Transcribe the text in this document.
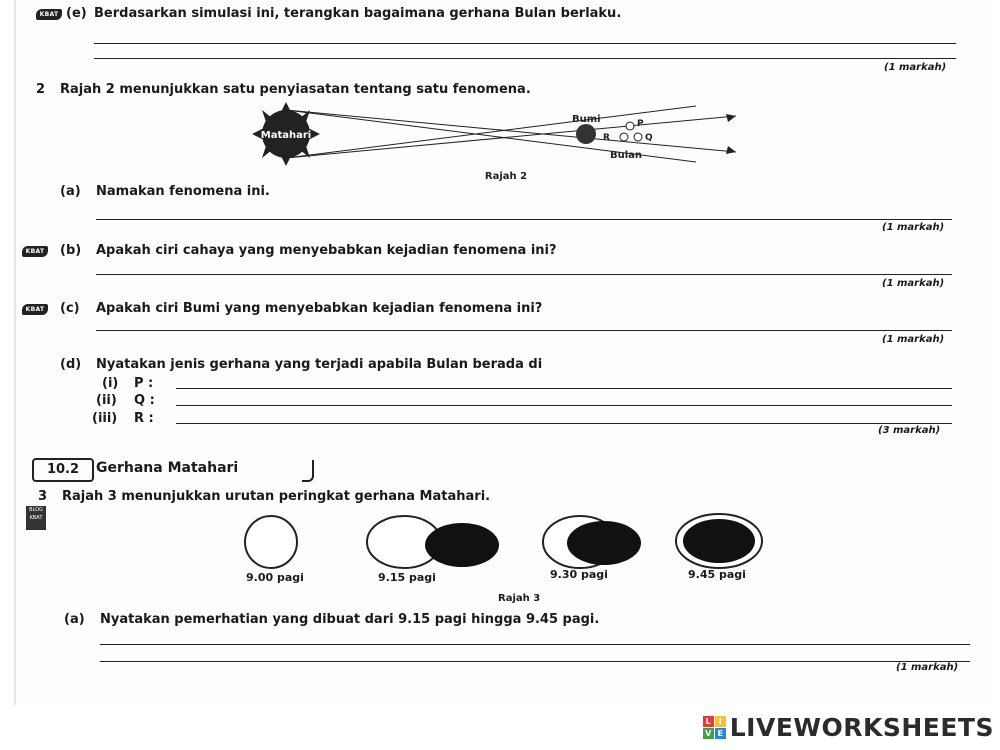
KBAT (e) Berdasarkan simulasi ini, terangkan bagaimana gerhana Bulan berlaku.
(1 markah)
2 Rajah 2 menunjukkan satu penyiasatan tentang satu fenomena.
Matahari
Bumi	P
R	Q
Bulan
Rajah 2
(a) Namakan fenomena ini.
(1 markah)
KBAT (b) Apakah ciri cahaya yang menyebabkan kejadian fenomena ini?
(1 markah)
KBAT (c) Apakah ciri Bumi yang menyebabkan kejadian fenomena ini?
(1 markah)
(d) Nyatakan jenis gerhana yang terjadi apabila Bulan berada di
(i) P :
(ii) Q :
(iii) R :
(3 markah)
10.2	Gerhana Matahari
3 Rajah 3 menunjukkan urutan peringkat gerhana Matahari.
BLOG KBAT
9.00 pagi	9.15 pagi	9.30 pagi	9.45 pagi
Rajah 3
(a) Nyatakan pemerhatian yang dibuat dari 9.15 pagi hingga 9.45 pagi.
(1 markah)
L I
V E LIVEWORKSHEETS
